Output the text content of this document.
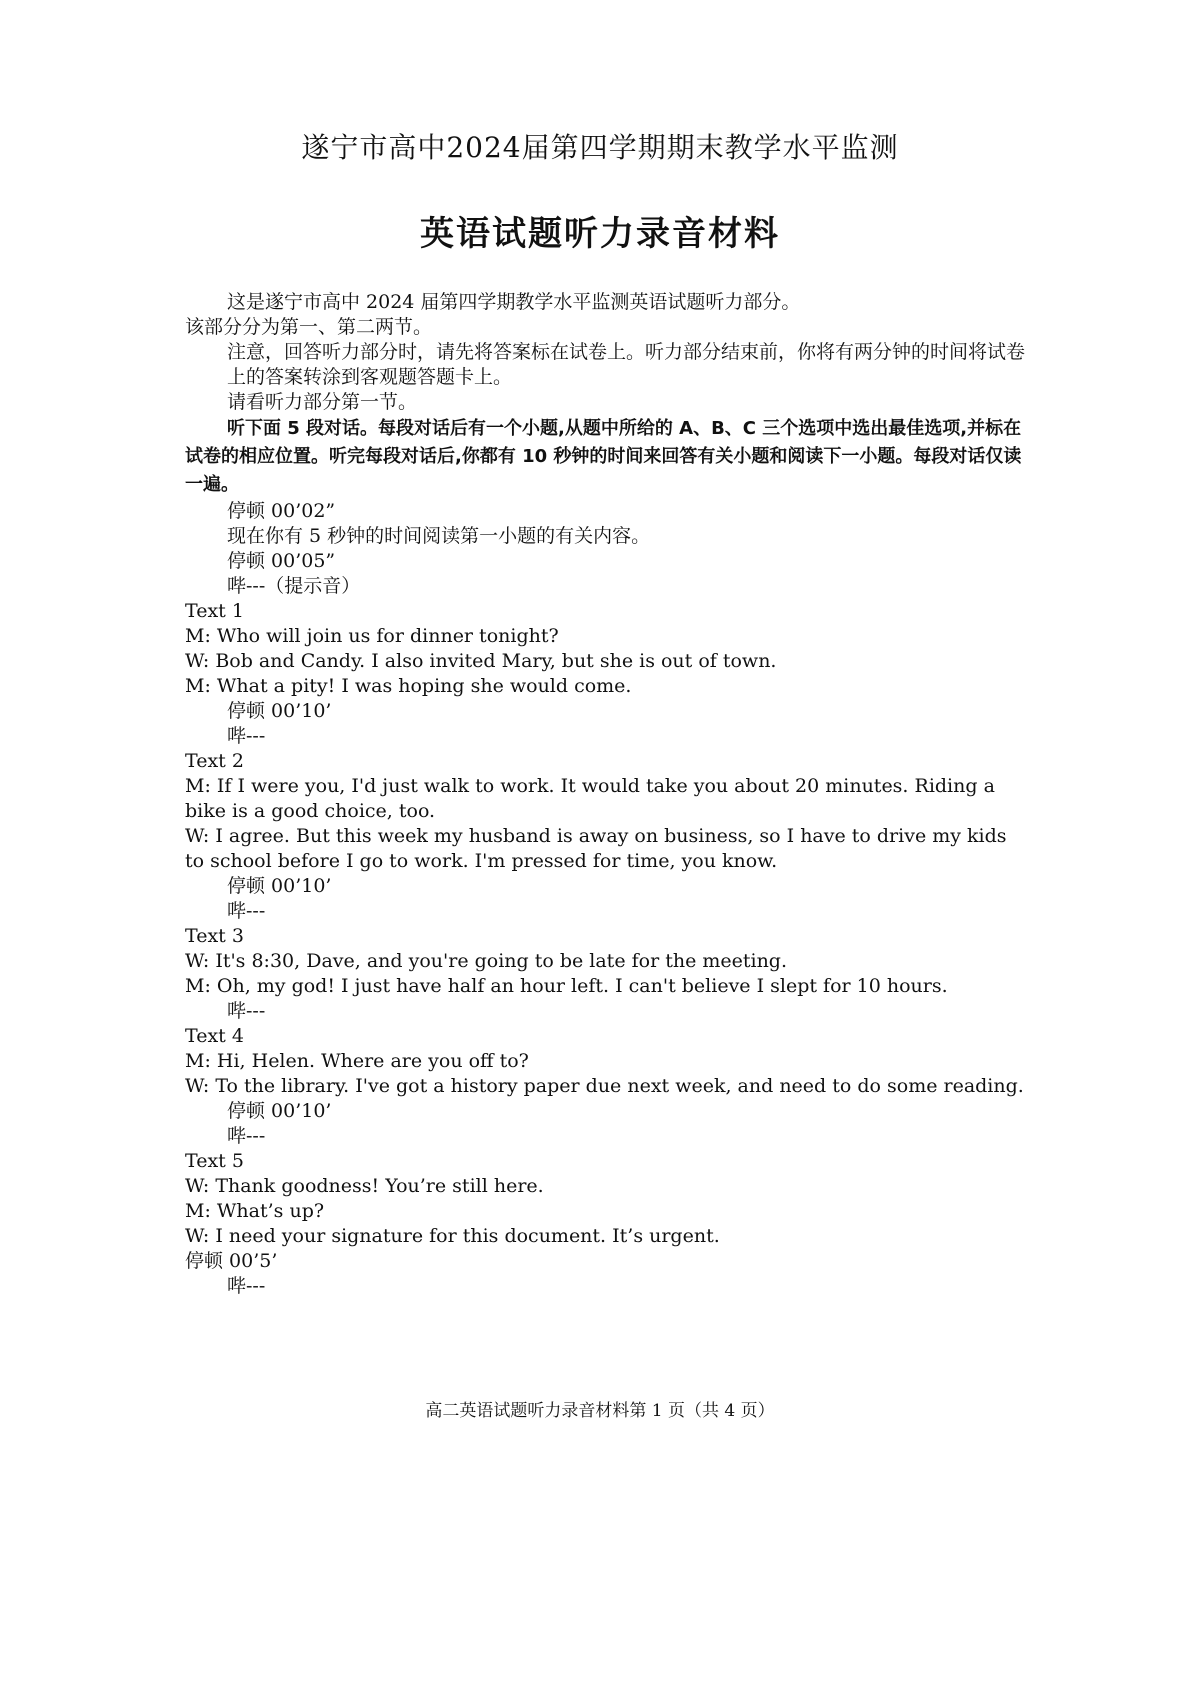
遂宁市高中2024届第四学期期末教学水平监测
英语试题听力录音材料
这是遂宁市高中 2024 届第四学期教学水平监测英语试题听力部分。
该部分分为第一、第二两节。
注意，回答听力部分时，请先将答案标在试卷上。听力部分结束前，你将有两分钟的时间将试卷上的答案转涂到客观题答题卡上。
请看听力部分第一节。
听下面 5 段对话。每段对话后有一个小题,从题中所给的 A、B、C 三个选项中选出最佳选项,并标在试卷的相应位置。听完每段对话后,你都有 10 秒钟的时间来回答有关小题和阅读下一小题。每段对话仅读一遍。
停顿 00’02”
现在你有 5 秒钟的时间阅读第一小题的有关内容。
停顿 00’05”
哔---（提示音）
Text 1
M: Who will join us for dinner tonight?
W: Bob and Candy. I also invited Mary, but she is out of town.
M: What a pity! I was hoping she would come.
停顿 00’10’
哔---
Text 2
M: If I were you, I'd just walk to work. It would take you about 20 minutes. Riding a bike is a good choice, too.
W: I agree. But this week my husband is away on business, so I have to drive my kids to school before I go to work. I'm pressed for time, you know.
停顿 00’10’
哔---
Text 3
W: It's 8:30, Dave, and you're going to be late for the meeting.
M: Oh, my god! I just have half an hour left. I can't believe I slept for 10 hours.
哔---
Text 4
M: Hi, Helen. Where are you off to?
W: To the library. I've got a history paper due next week, and need to do some reading.
停顿 00’10’
哔---
Text 5
W: Thank goodness! You’re still here.
M: What’s up?
W: I need your signature for this document. It’s urgent.
停顿 00’5’
哔---
高二英语试题听力录音材料第 1 页（共 4 页）
